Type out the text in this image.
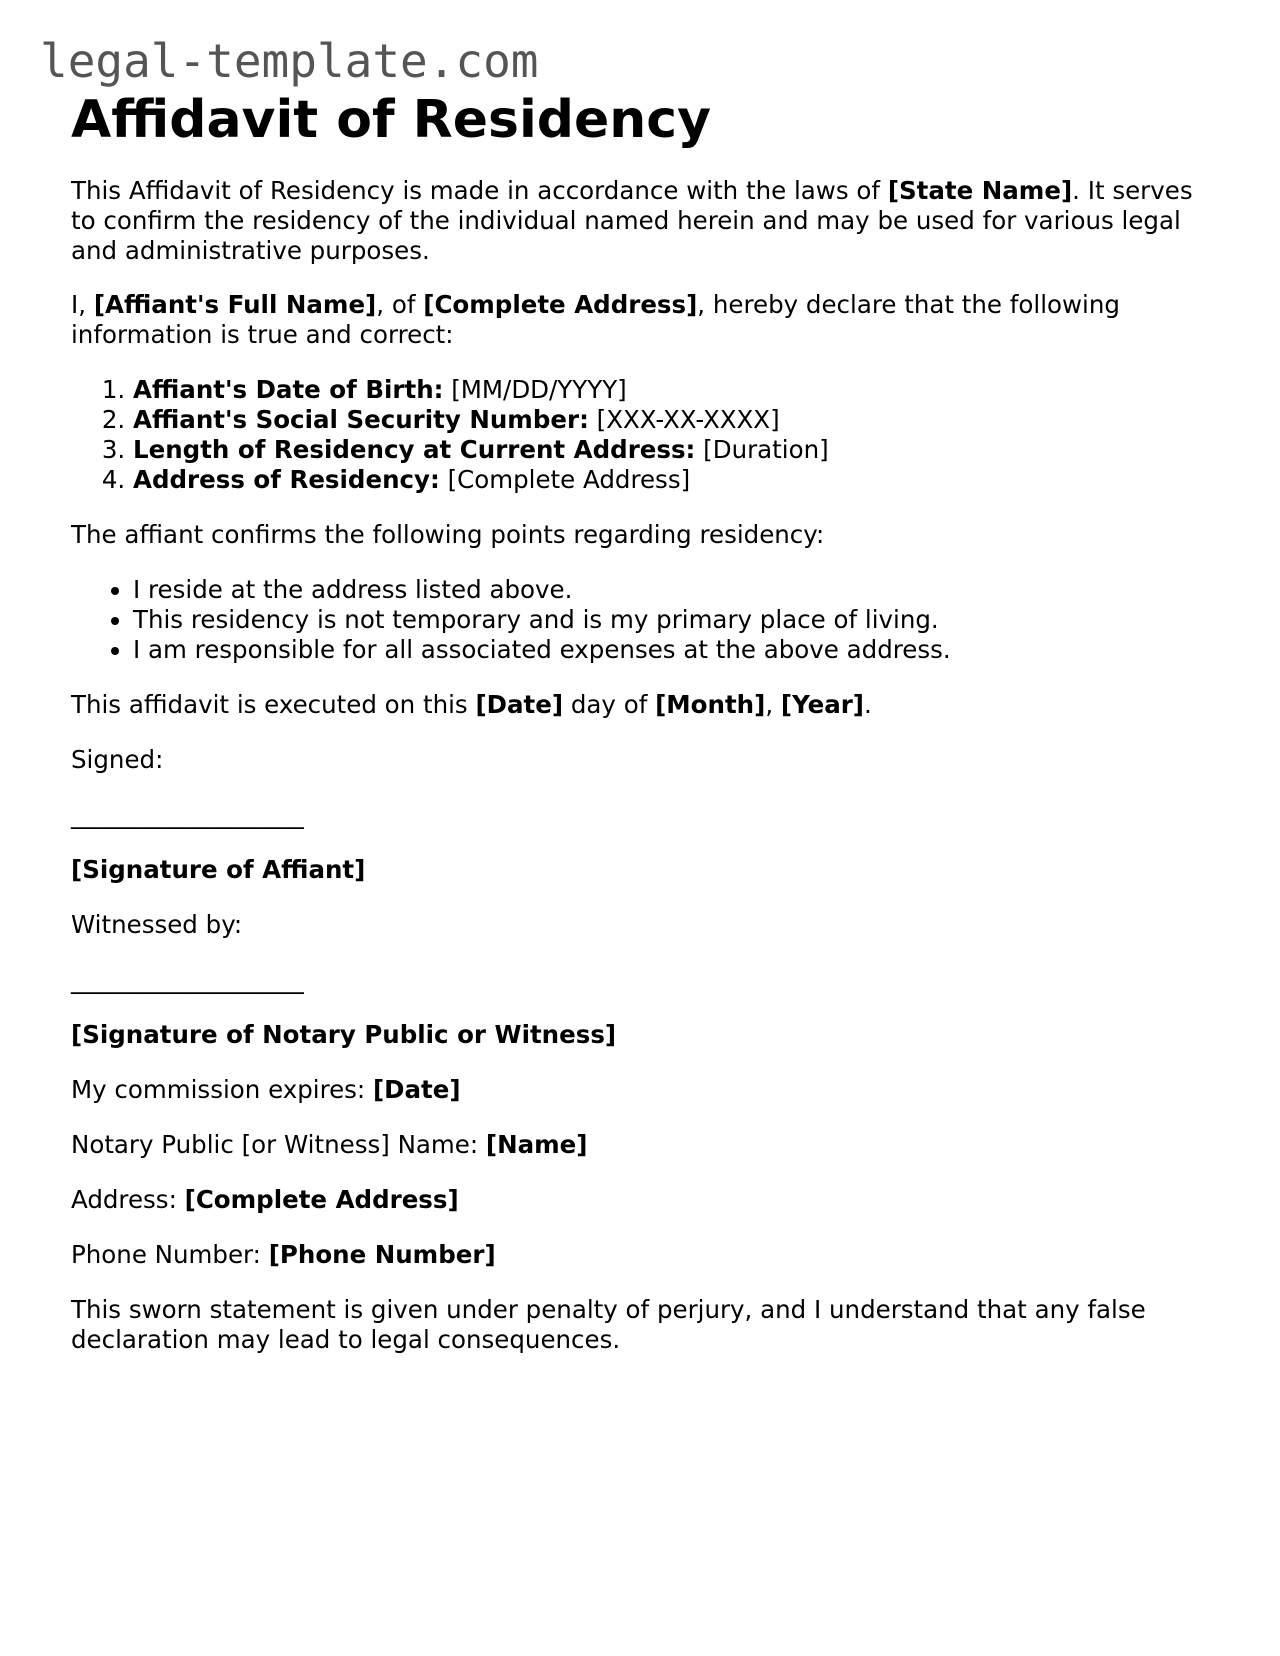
legal-template.com
Affidavit of Residency

This Affidavit of Residency is made in accordance with the laws of [State Name]. It serves to confirm the residency of the individual named herein and may be used for various legal and administrative purposes.

I, [Affiant's Full Name], of [Complete Address], hereby declare that the following information is true and correct:

1. Affiant's Date of Birth: [MM/DD/YYYY]
2. Affiant's Social Security Number: [XXX-XX-XXXX]
3. Length of Residency at Current Address: [Duration]
4. Address of Residency: [Complete Address]

The affiant confirms the following points regarding residency:

• I reside at the address listed above.
• This residency is not temporary and is my primary place of living.
• I am responsible for all associated expenses at the above address.

This affidavit is executed on this [Date] day of [Month], [Year].

Signed:

___________________

[Signature of Affiant]

Witnessed by:

___________________

[Signature of Notary Public or Witness]

My commission expires: [Date]

Notary Public [or Witness] Name: [Name]

Address: [Complete Address]

Phone Number: [Phone Number]

This sworn statement is given under penalty of perjury, and I understand that any false declaration may lead to legal consequences.
